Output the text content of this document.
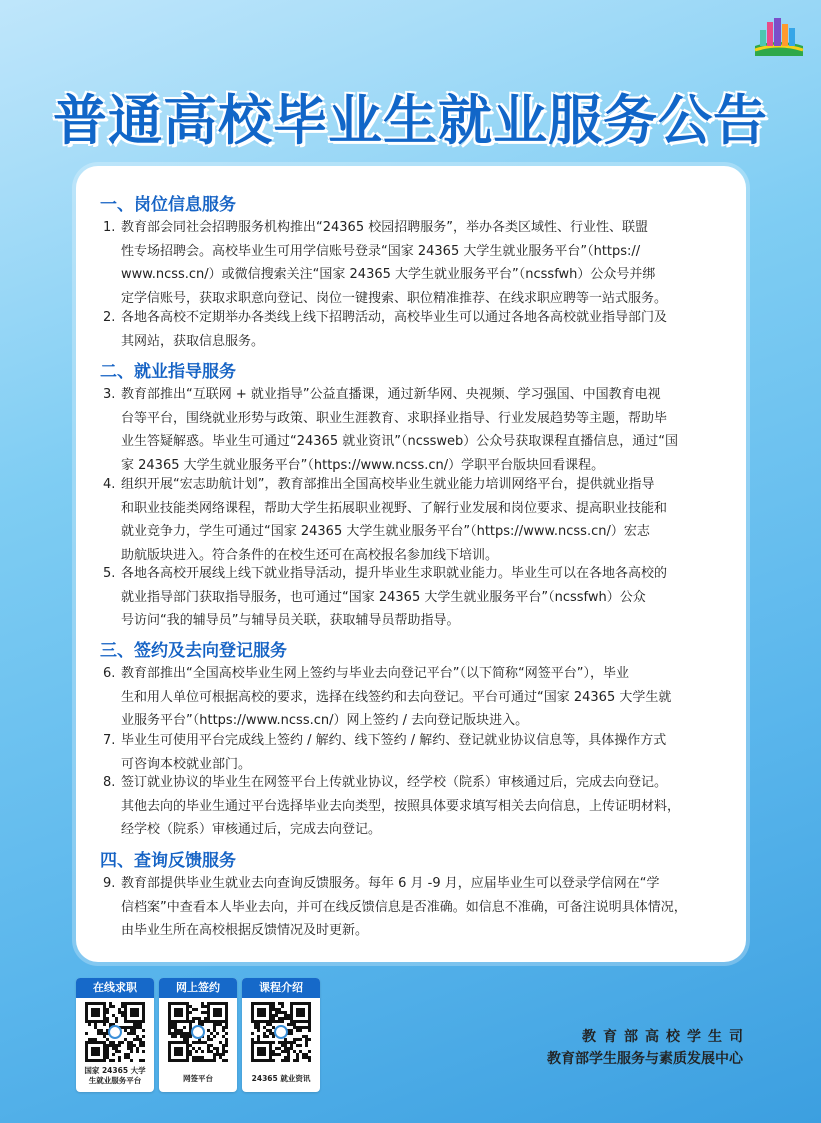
普通高校毕业生就业服务公告
一、岗位信息服务
二、就业指导服务
三、签约及去向登记服务
四、查询反馈服务
1. 教育部会同社会招聘服务机构推出“24365 校园招聘服务”，举办各类区域性、行业性、联盟
性专场招聘会。高校毕业生可用学信账号登录“国家 24365 大学生就业服务平台”（https://
www.ncss.cn/）或微信搜索关注“国家 24365 大学生就业服务平台”（ncssfwh）公众号并绑
定学信账号，获取求职意向登记、岗位一键搜索、职位精准推荐、在线求职应聘等一站式服务。
2. 各地各高校不定期举办各类线上线下招聘活动，高校毕业生可以通过各地各高校就业指导部门及
其网站，获取信息服务。
3. 教育部推出“互联网 + 就业指导”公益直播课，通过新华网、央视频、学习强国、中国教育电视
台等平台，围绕就业形势与政策、职业生涯教育、求职择业指导、行业发展趋势等主题，帮助毕
业生答疑解惑。毕业生可通过“24365 就业资讯”（ncssweb）公众号获取课程直播信息，通过“国
家 24365 大学生就业服务平台”（https://www.ncss.cn/）学职平台版块回看课程。
4. 组织开展“宏志助航计划”，教育部推出全国高校毕业生就业能力培训网络平台，提供就业指导
和职业技能类网络课程，帮助大学生拓展职业视野、了解行业发展和岗位要求、提高职业技能和
就业竞争力，学生可通过“国家 24365 大学生就业服务平台”（https://www.ncss.cn/）宏志
助航版块进入。符合条件的在校生还可在高校报名参加线下培训。
5. 各地各高校开展线上线下就业指导活动，提升毕业生求职就业能力。毕业生可以在各地各高校的
就业指导部门获取指导服务，也可通过“国家 24365 大学生就业服务平台”（ncssfwh）公众
号访问“我的辅导员”与辅导员关联，获取辅导员帮助指导。
6. 教育部推出“全国高校毕业生网上签约与毕业去向登记平台”（以下简称“网签平台”），毕业
生和用人单位可根据高校的要求，选择在线签约和去向登记。平台可通过“国家 24365 大学生就
业服务平台”（https://www.ncss.cn/）网上签约 / 去向登记版块进入。
7. 毕业生可使用平台完成线上签约 / 解约、线下签约 / 解约、登记就业协议信息等，具体操作方式
可咨询本校就业部门。
8. 签订就业协议的毕业生在网签平台上传就业协议，经学校（院系）审核通过后，完成去向登记。
其他去向的毕业生通过平台选择毕业去向类型，按照具体要求填写相关去向信息，上传证明材料，
经学校（院系）审核通过后，完成去向登记。
9. 教育部提供毕业生就业去向查询反馈服务。每年 6 月 -9 月，应届毕业生可以登录学信网在“学
信档案”中查看本人毕业去向，并可在线反馈信息是否准确。如信息不准确，可备注说明具体情况，
由毕业生所在高校根据反馈情况及时更新。
在线求职
国家 24365 大学
生就业服务平台
网上签约
网签平台
课程介绍
24365 就业资讯
教育部高校学生司
教育部学生服务与素质发展中心
